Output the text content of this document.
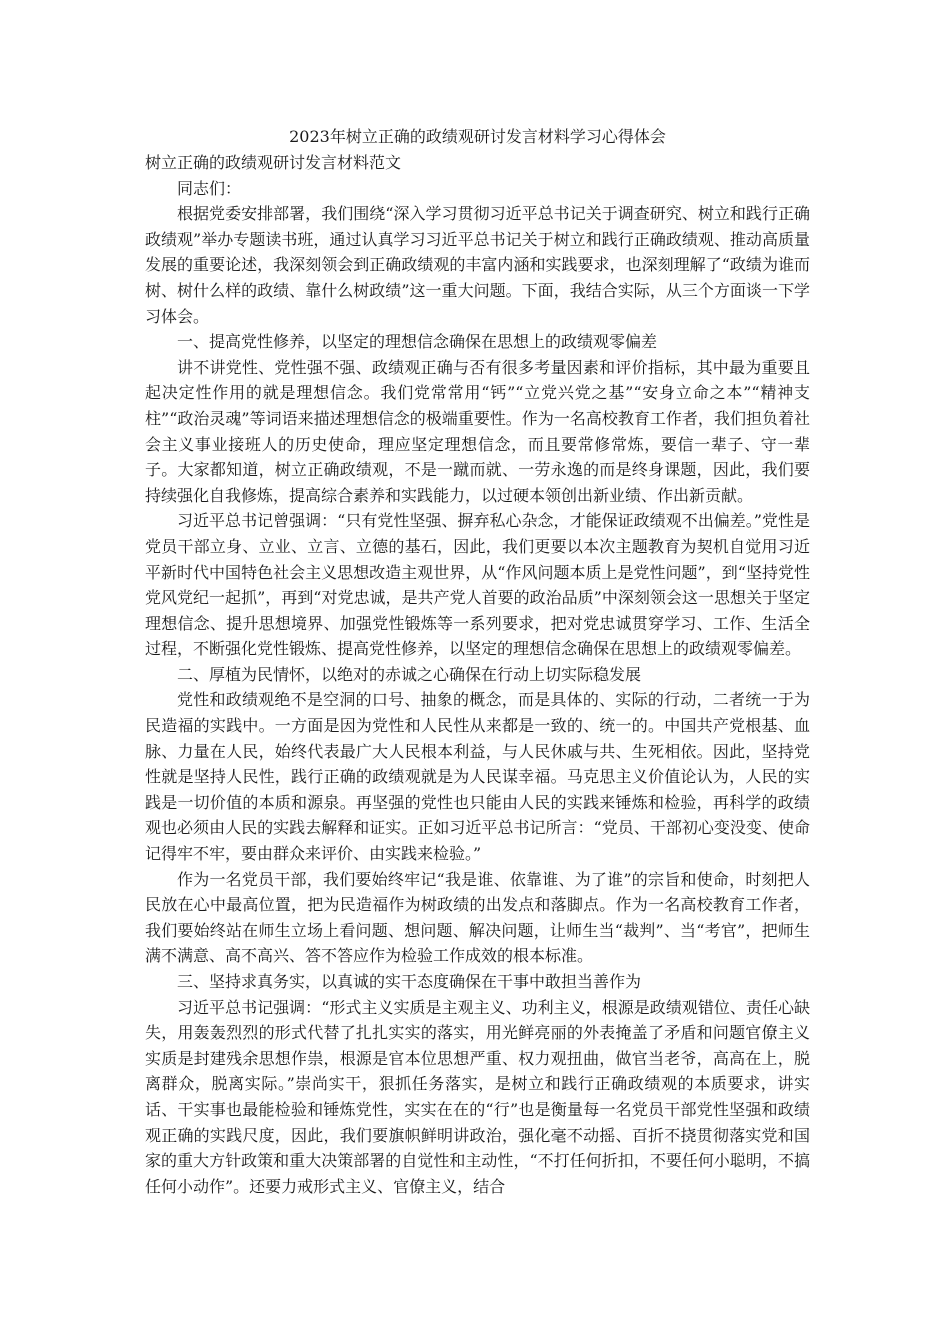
2023年树立正确的政绩观研讨发言材料学习心得体会
树立正确的政绩观研讨发言材料范文

同志们：

根据党委安排部署，我们围绕“深入学习贯彻习近平总书记关于调查研究、树立和践行正确政绩观”举办专题读书班，通过认真学习习近平总书记关于树立和践行正确政绩观、推动高质量发展的重要论述，我深刻领会到正确政绩观的丰富内涵和实践要求，也深刻理解了“政绩为谁而树、树什么样的政绩、靠什么树政绩”这一重大问题。下面，我结合实际，从三个方面谈一下学习体会。

一、提高党性修养，以坚定的理想信念确保在思想上的政绩观零偏差

讲不讲党性、党性强不强、政绩观正确与否有很多考量因素和评价指标，其中最为重要且起决定性作用的就是理想信念。我们党常常用“钙”“立党兴党之基”“安身立命之本”“精神支柱”“政治灵魂”等词语来描述理想信念的极端重要性。作为一名高校教育工作者，我们担负着社会主义事业接班人的历史使命，理应坚定理想信念，而且要常修常炼，要信一辈子、守一辈子。大家都知道，树立正确政绩观，不是一蹴而就、一劳永逸的而是终身课题，因此，我们要持续强化自我修炼，提高综合素养和实践能力，以过硬本领创出新业绩、作出新贡献。

习近平总书记曾强调：“只有党性坚强、摒弃私心杂念，才能保证政绩观不出偏差。”党性是党员干部立身、立业、立言、立德的基石，因此，我们更要以本次主题教育为契机自觉用习近平新时代中国特色社会主义思想改造主观世界，从“作风问题本质上是党性问题”，到“坚持党性党风党纪一起抓”，再到“对党忠诚，是共产党人首要的政治品质”中深刻领会这一思想关于坚定理想信念、提升思想境界、加强党性锻炼等一系列要求，把对党忠诚贯穿学习、工作、生活全过程，不断强化党性锻炼、提高党性修养，以坚定的理想信念确保在思想上的政绩观零偏差。

二、厚植为民情怀，以绝对的赤诚之心确保在行动上切实际稳发展

党性和政绩观绝不是空洞的口号、抽象的概念，而是具体的、实际的行动，二者统一于为民造福的实践中。一方面是因为党性和人民性从来都是一致的、统一的。中国共产党根基、血脉、力量在人民，始终代表最广大人民根本利益，与人民休戚与共、生死相依。因此，坚持党性就是坚持人民性，践行正确的政绩观就是为人民谋幸福。马克思主义价值论认为，人民的实践是一切价值的本质和源泉。再坚强的党性也只能由人民的实践来锤炼和检验，再科学的政绩观也必须由人民的实践去解释和证实。正如习近平总书记所言：“党员、干部初心变没变、使命记得牢不牢，要由群众来评价、由实践来检验。”

作为一名党员干部，我们要始终牢记“我是谁、依靠谁、为了谁”的宗旨和使命，时刻把人民放在心中最高位置，把为民造福作为树政绩的出发点和落脚点。作为一名高校教育工作者，我们要始终站在师生立场上看问题、想问题、解决问题，让师生当“裁判”、当“考官”，把师生满不满意、高不高兴、答不答应作为检验工作成效的根本标准。

三、坚持求真务实，以真诚的实干态度确保在干事中敢担当善作为

习近平总书记强调：“形式主义实质是主观主义、功利主义，根源是政绩观错位、责任心缺失，用轰轰烈烈的形式代替了扎扎实实的落实，用光鲜亮丽的外表掩盖了矛盾和问题官僚主义实质是封建残余思想作祟，根源是官本位思想严重、权力观扭曲，做官当老爷，高高在上，脱离群众，脱离实际。”崇尚实干，狠抓任务落实，是树立和践行正确政绩观的本质要求，讲实话、干实事也最能检验和锤炼党性，实实在在的“行”也是衡量每一名党员干部党性坚强和政绩观正确的实践尺度，因此，我们要旗帜鲜明讲政治，强化毫不动摇、百折不挠贯彻落实党和国家的重大方针政策和重大决策部署的自觉性和主动性，“不打任何折扣，不要任何小聪明，不搞任何小动作”。还要力戒形式主义、官僚主义，结合
